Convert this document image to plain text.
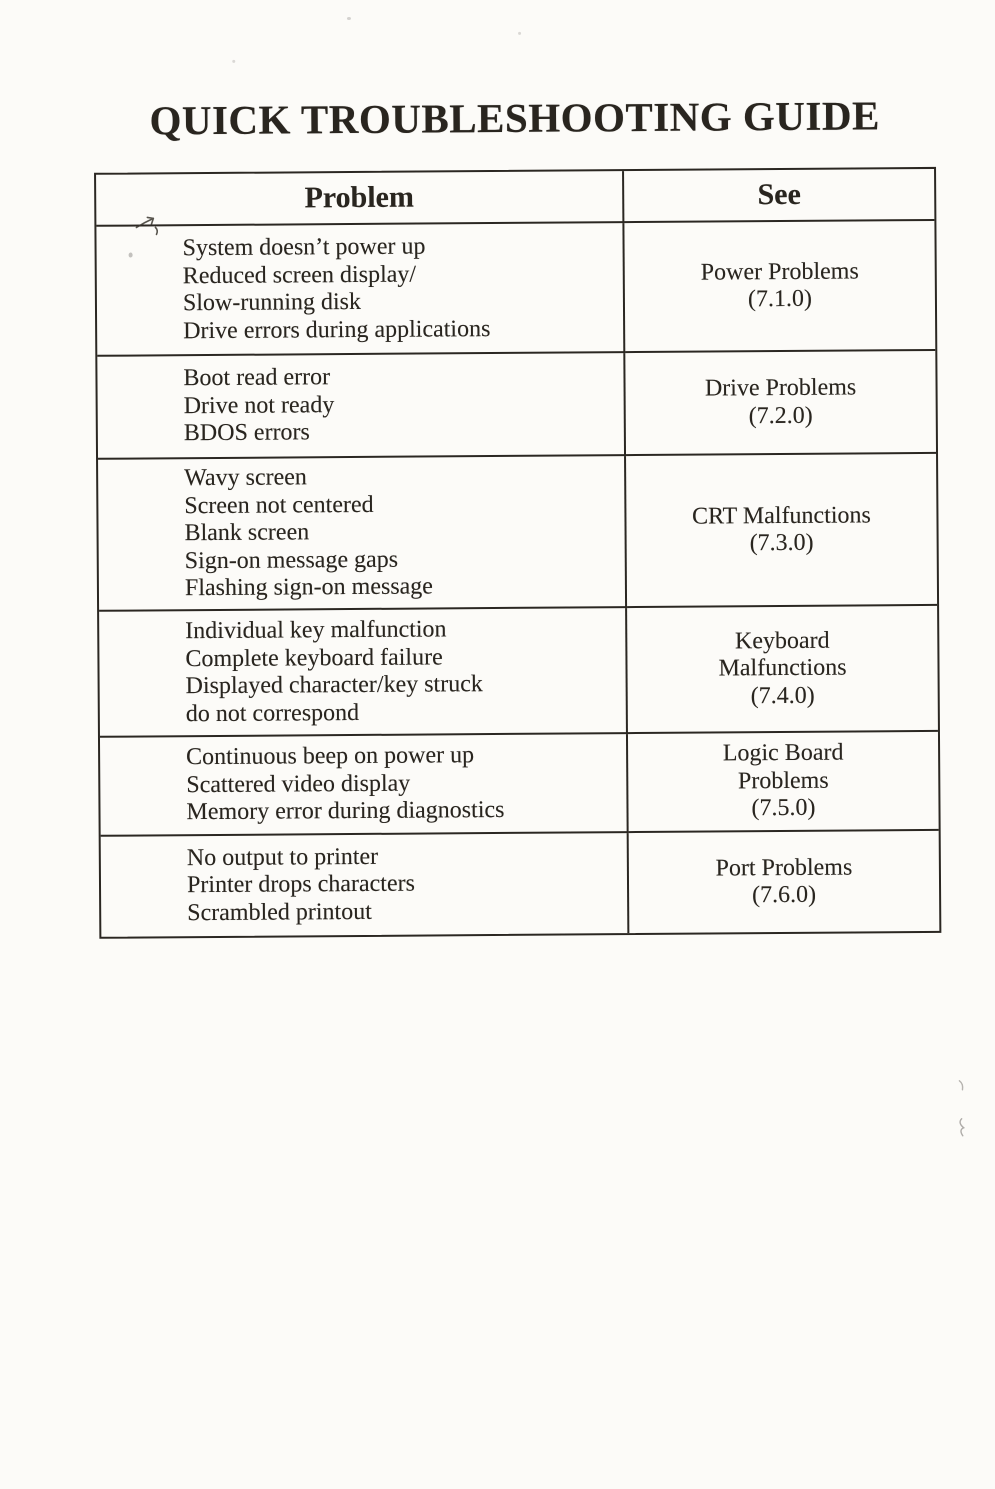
QUICK TROUBLESHOOTING GUIDE
Problem	See
System doesn’t power up
Reduced screen display/
Slow-running disk
Drive errors during applications
Power Problems
(7.1.0)
Boot read error
Drive not ready
BDOS errors
Drive Problems
(7.2.0)
Wavy screen
Screen not centered
Blank screen
Sign-on message gaps
Flashing sign-on message
CRT Malfunctions
(7.3.0)
Individual key malfunction
Complete keyboard failure
Displayed character/key struck
do not correspond
Keyboard
Malfunctions
(7.4.0)
Continuous beep on power up
Scattered video display
Memory error during diagnostics
Logic Board
Problems
(7.5.0)
No output to printer
Printer drops characters
Scrambled printout
Port Problems
(7.6.0)
